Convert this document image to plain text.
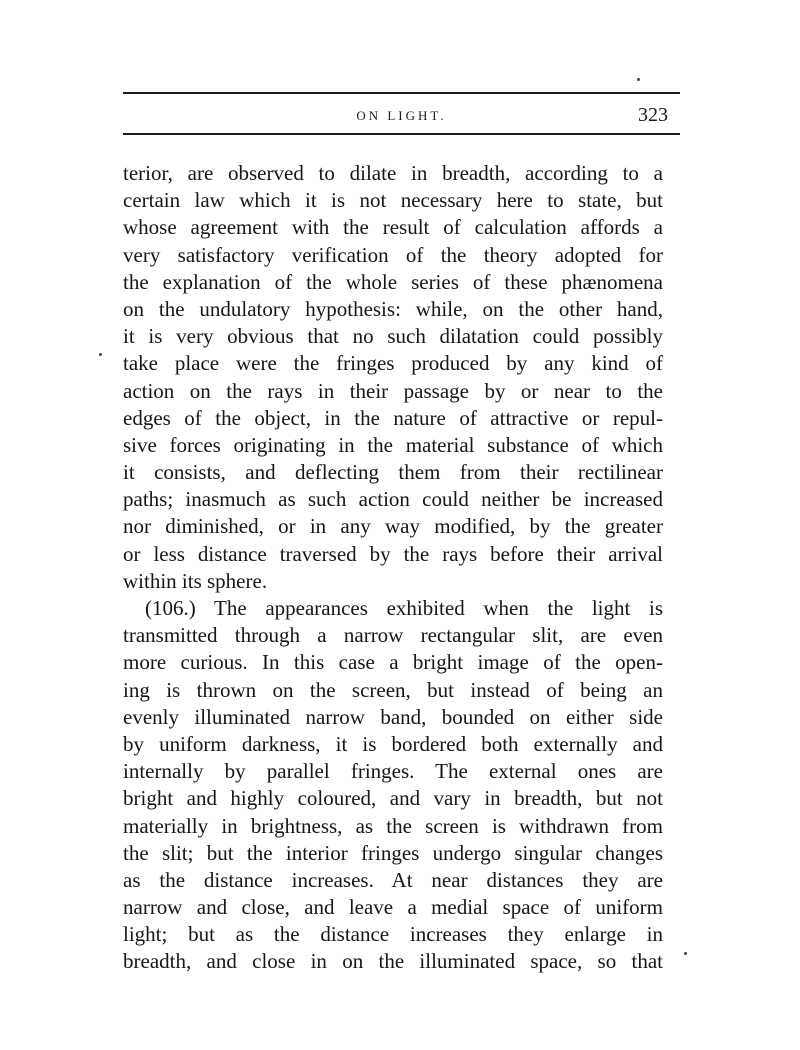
ON LIGHT.	323
terior, are observed to dilate in breadth, according to a
certain law which it is not necessary here to state, but
whose agreement with the result of calculation affords a
very satisfactory verification of the theory adopted for
the explanation of the whole series of these phænomena
on the undulatory hypothesis: while, on the other hand,
it is very obvious that no such dilatation could possibly
take place were the fringes produced by any kind of
action on the rays in their passage by or near to the
edges of the object, in the nature of attractive or repul-
sive forces originating in the material substance of which
it consists, and deflecting them from their rectilinear
paths; inasmuch as such action could neither be increased
nor diminished, or in any way modified, by the greater
or less distance traversed by the rays before their arrival
within its sphere.
(106.) The appearances exhibited when the light is
transmitted through a narrow rectangular slit, are even
more curious. In this case a bright image of the open-
ing is thrown on the screen, but instead of being an
evenly illuminated narrow band, bounded on either side
by uniform darkness, it is bordered both externally and
internally by parallel fringes. The external ones are
bright and highly coloured, and vary in breadth, but not
materially in brightness, as the screen is withdrawn from
the slit; but the interior fringes undergo singular changes
as the distance increases. At near distances they are
narrow and close, and leave a medial space of uniform
light; but as the distance increases they enlarge in
breadth, and close in on the illuminated space, so that
